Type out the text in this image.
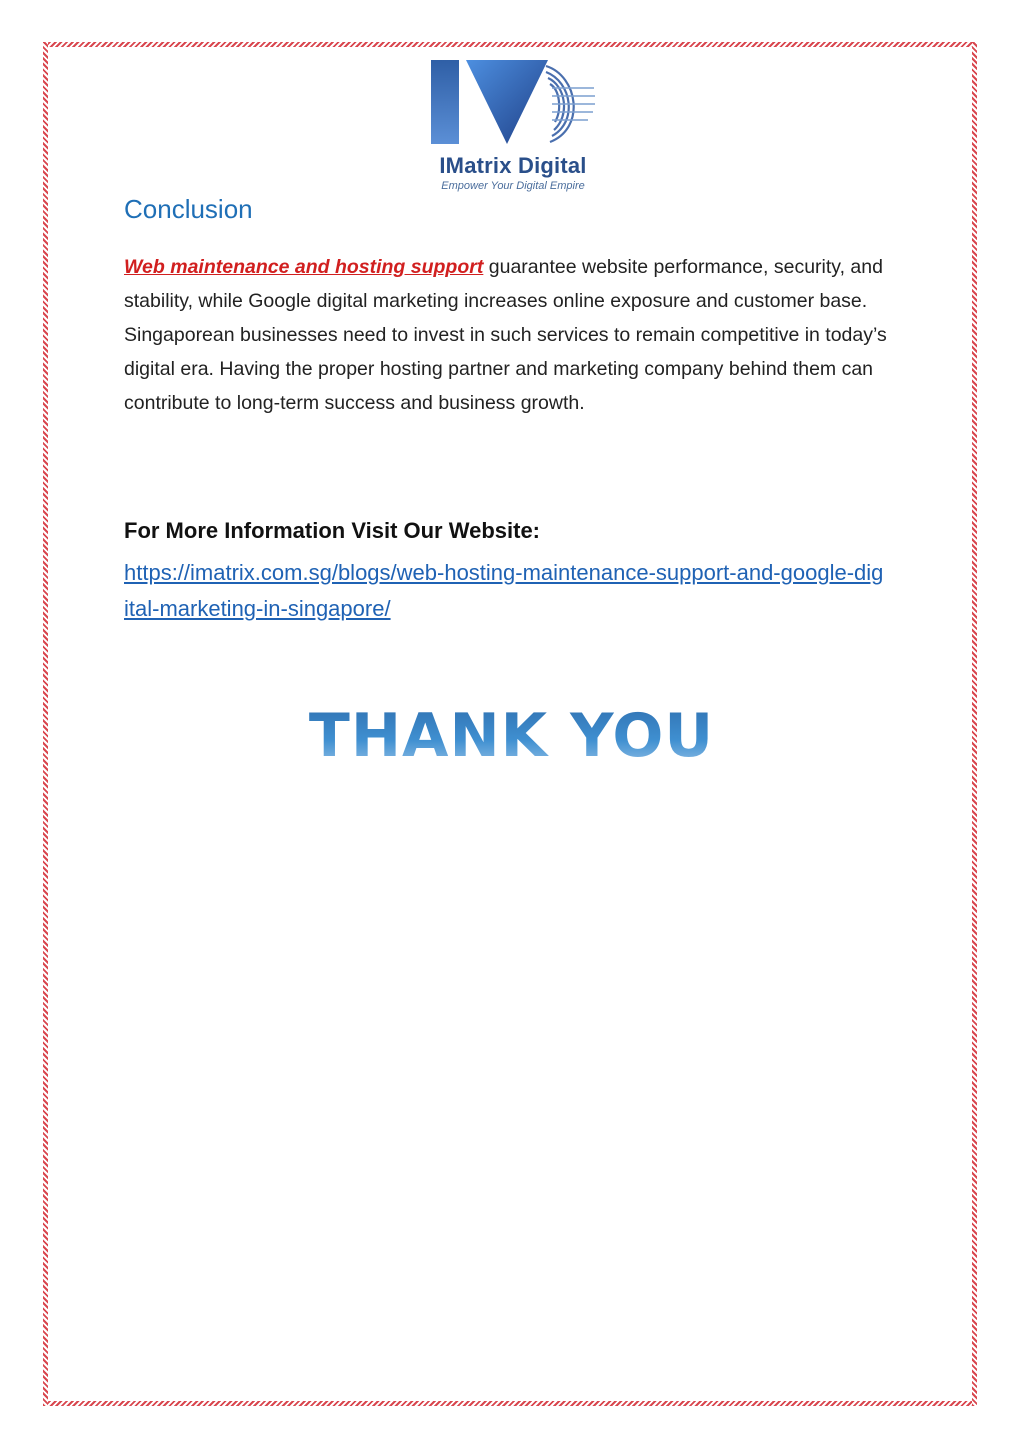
IMatrix Digital
Empower Your Digital Empire
Conclusion

Web maintenance and hosting support guarantee website performance, security, and stability, while Google digital marketing increases online exposure and customer base. Singaporean businesses need to invest in such services to remain competitive in today’s digital era. Having the proper hosting partner and marketing company behind them can contribute to long-term success and business growth.

For More Information Visit Our Website:
https://imatrix.com.sg/blogs/web-hosting-maintenance-support-and-google-digital-marketing-in-singapore/
THANK YOU
